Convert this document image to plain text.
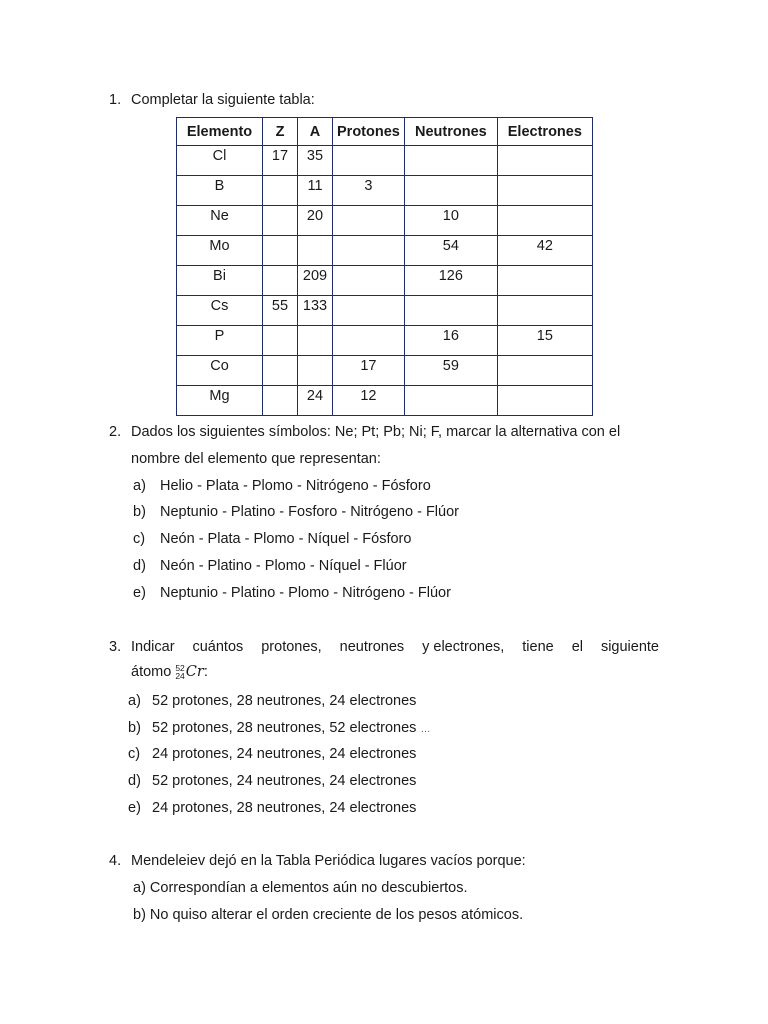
1. Completar la siguiente tabla:
Elemento	Z	A	Protones	Neutrones	Electrones
Cl	17	35			
B		11	3		
Ne		20		10	
Mo				54	42
Bi		209		126	
Cs	55	133			
P				16	15
Co			17	59	
Mg		24	12		
2. Dados los siguientes símbolos: Ne; Pt; Pb; Ni; F, marcar la alternativa con el
nombre del elemento que representan:
a) Helio - Plata - Plomo - Nitrógeno - Fósforo
b) Neptunio - Platino - Fosforo - Nitrógeno - Flúor
c) Neón - Plata - Plomo - Níquel - Fósforo
d) Neón - Platino - Plomo - Níquel - Flúor
e) Neptunio - Platino - Plomo - Nitrógeno - Flúor
3. Indicar cuántos protones, neutrones y electrones, tiene el siguiente
átomo 52
24 Cr:
a) 52 protones, 28 neutrones, 24 electrones
b) 52 protones, 28 neutrones, 52 electrones …
c) 24 protones, 24 neutrones, 24 electrones
d) 52 protones, 24 neutrones, 24 electrones
e) 24 protones, 28 neutrones, 24 electrones
4. Mendeleiev dejó en la Tabla Periódica lugares vacíos porque:
a) Correspondían a elementos aún no descubiertos.
b) No quiso alterar el orden creciente de los pesos atómicos.
